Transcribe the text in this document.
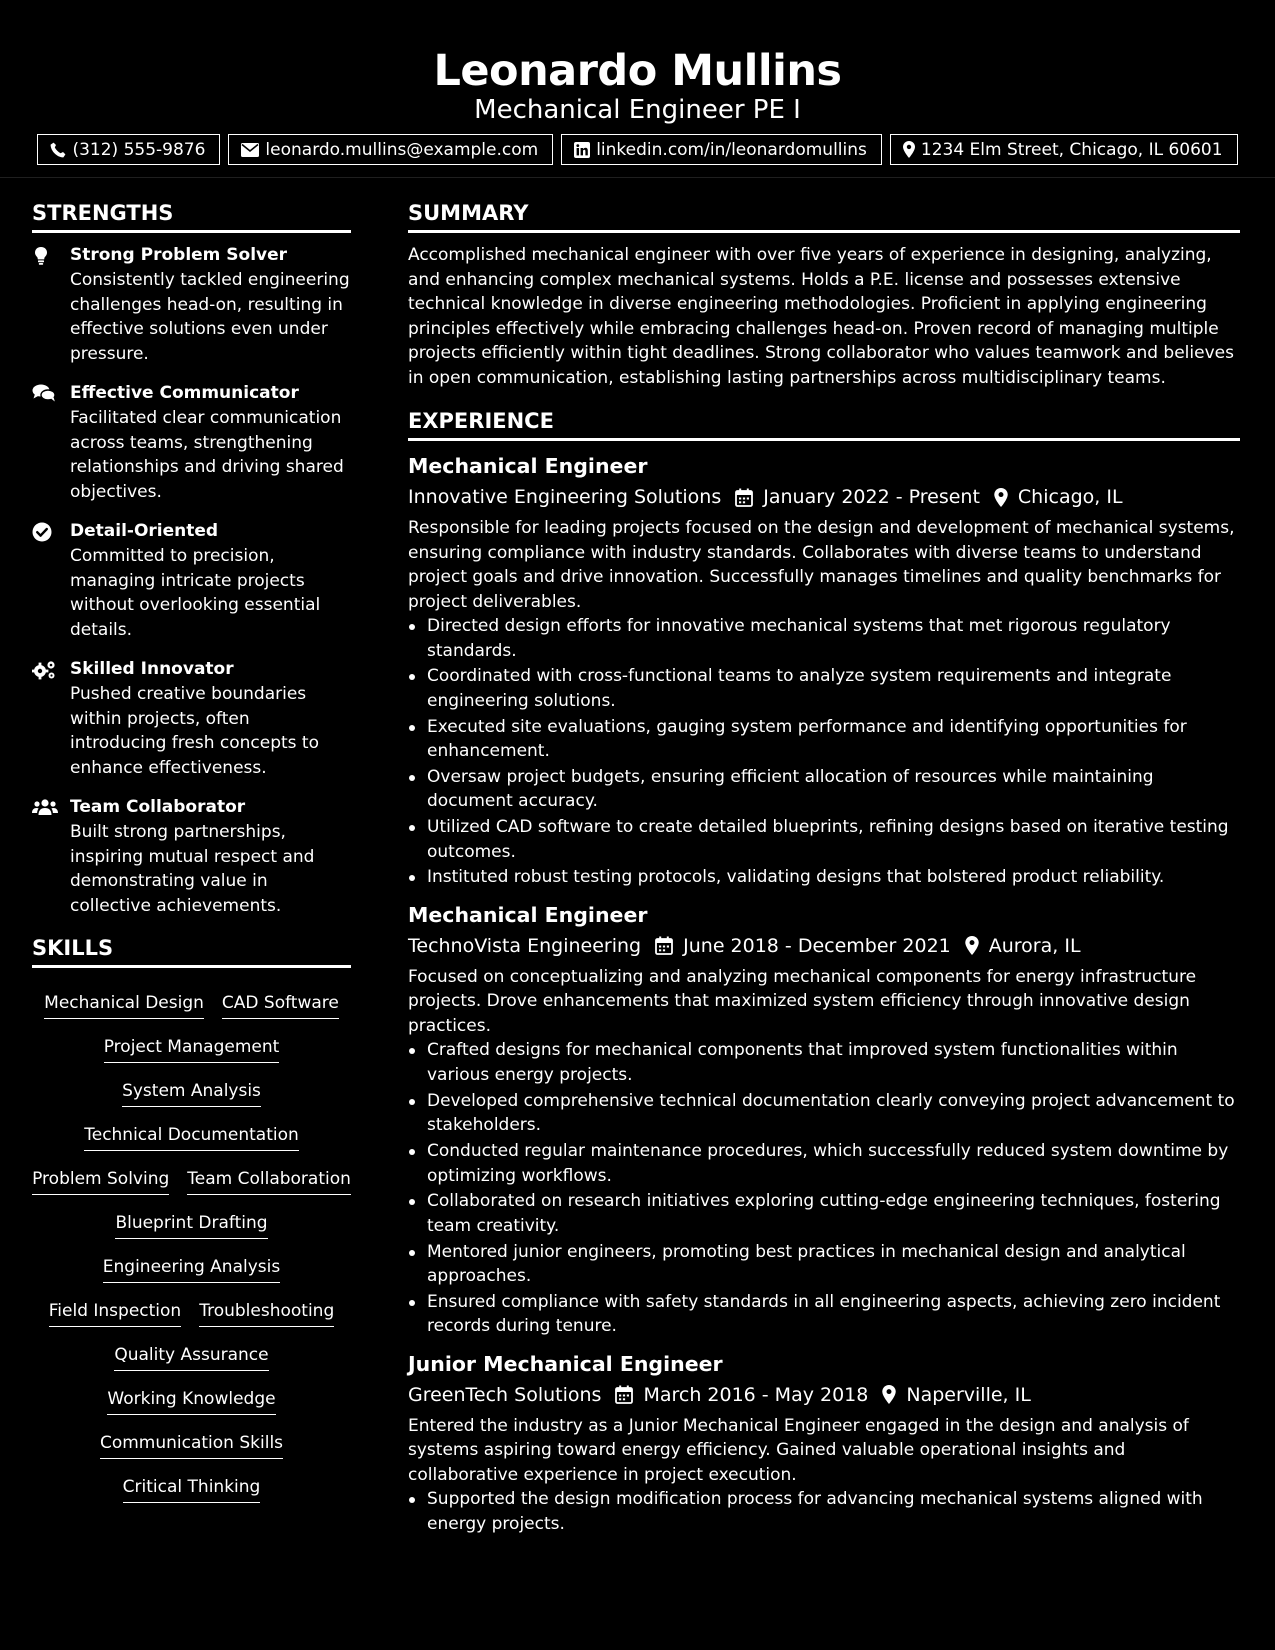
Leonardo Mullins
Mechanical Engineer PE I
(312) 555-9876	leonardo.mullins@example.com	linkedin.com/in/leonardomullins	1234 Elm Street, Chicago, IL 60601
STRENGTHS
Strong Problem Solver
Consistently tackled engineering challenges head-on, resulting in effective solutions even under pressure.
Effective Communicator
Facilitated clear communication across teams, strengthening relationships and driving shared objectives.
Detail-Oriented
Committed to precision, managing intricate projects without overlooking essential details.
Skilled Innovator
Pushed creative boundaries within projects, often introducing fresh concepts to enhance effectiveness.
Team Collaborator
Built strong partnerships, inspiring mutual respect and demonstrating value in collective achievements.
SKILLS
Mechanical Design CAD Software
Project Management
System Analysis
Technical Documentation
Problem Solving Team Collaboration
Blueprint Drafting
Engineering Analysis
Field Inspection Troubleshooting
Quality Assurance
Working Knowledge
Communication Skills
Critical Thinking
SUMMARY
Accomplished mechanical engineer with over five years of experience in designing, analyzing, and enhancing complex mechanical systems. Holds a P.E. license and possesses extensive technical knowledge in diverse engineering methodologies. Proficient in applying engineering principles effectively while embracing challenges head-on. Proven record of managing multiple projects efficiently within tight deadlines. Strong collaborator who values teamwork and believes in open communication, establishing lasting partnerships across multidisciplinary teams.
EXPERIENCE
Mechanical Engineer
Innovative Engineering Solutions January 2022 - Present Chicago, IL
Responsible for leading projects focused on the design and development of mechanical systems, ensuring compliance with industry standards. Collaborates with diverse teams to understand project goals and drive innovation. Successfully manages timelines and quality benchmarks for project deliverables.
Directed design efforts for innovative mechanical systems that met rigorous regulatory standards.
Coordinated with cross-functional teams to analyze system requirements and integrate engineering solutions.
Executed site evaluations, gauging system performance and identifying opportunities for enhancement.
Oversaw project budgets, ensuring efficient allocation of resources while maintaining document accuracy.
Utilized CAD software to create detailed blueprints, refining designs based on iterative testing outcomes.
Instituted robust testing protocols, validating designs that bolstered product reliability.
Mechanical Engineer
TechnoVista Engineering June 2018 - December 2021 Aurora, IL
Focused on conceptualizing and analyzing mechanical components for energy infrastructure projects. Drove enhancements that maximized system efficiency through innovative design practices.
Crafted designs for mechanical components that improved system functionalities within various energy projects.
Developed comprehensive technical documentation clearly conveying project advancement to stakeholders.
Conducted regular maintenance procedures, which successfully reduced system downtime by optimizing workflows.
Collaborated on research initiatives exploring cutting-edge engineering techniques, fostering team creativity.
Mentored junior engineers, promoting best practices in mechanical design and analytical approaches.
Ensured compliance with safety standards in all engineering aspects, achieving zero incident records during tenure.
Junior Mechanical Engineer
GreenTech Solutions March 2016 - May 2018 Naperville, IL
Entered the industry as a Junior Mechanical Engineer engaged in the design and analysis of systems aspiring toward energy efficiency. Gained valuable operational insights and collaborative experience in project execution.
Supported the design modification process for advancing mechanical systems aligned with energy projects.
